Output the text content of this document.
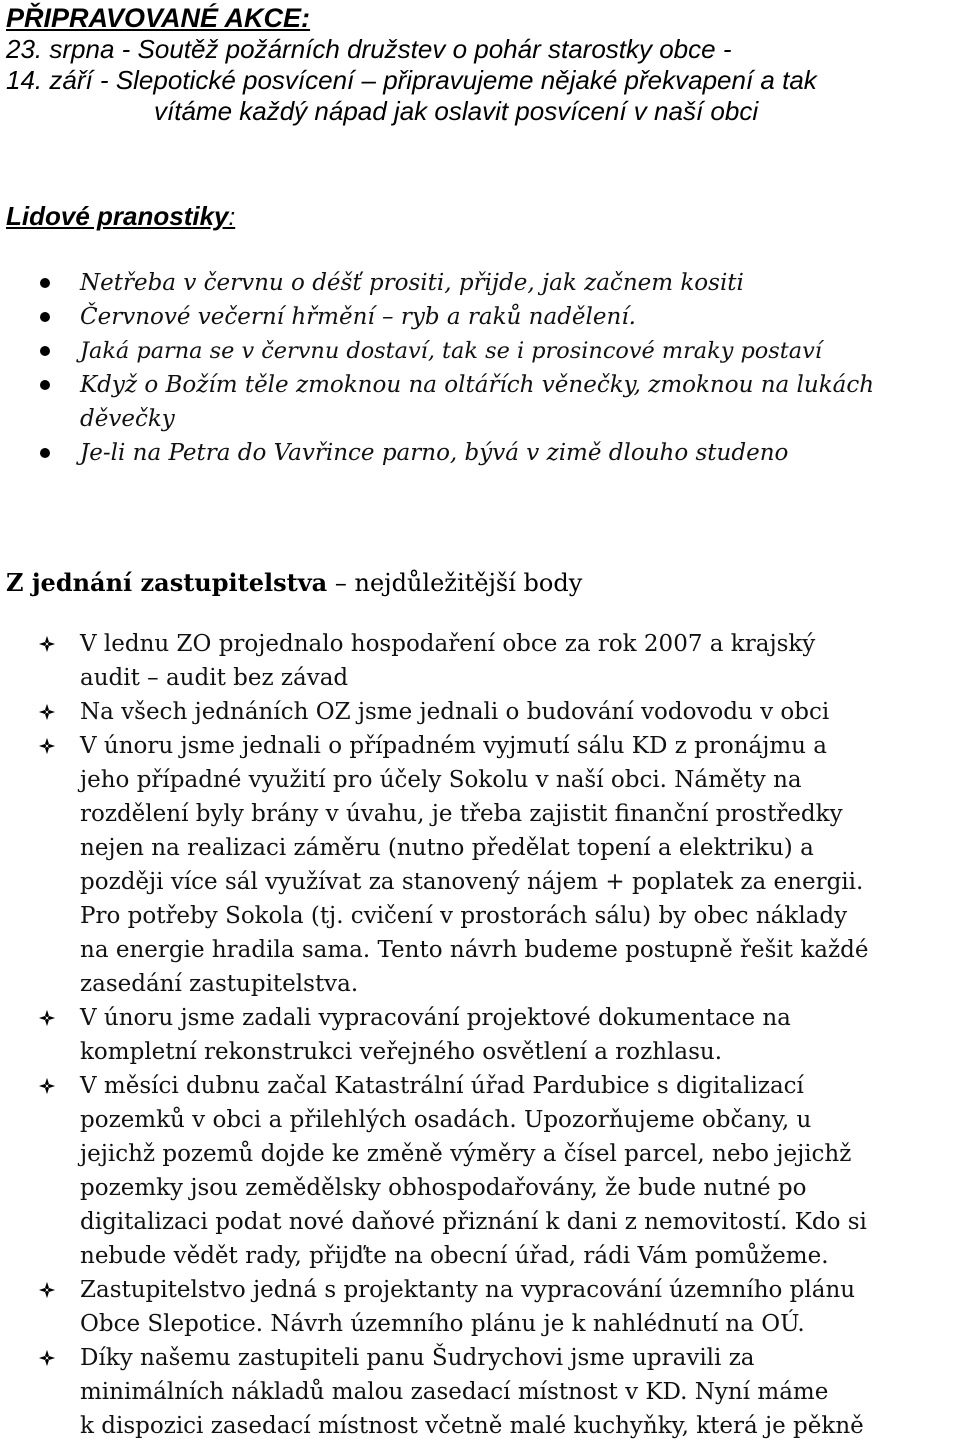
PŘIPRAVOVANÉ AKCE:

23. srpna - Soutěž požárních družstev o pohár starostky obce -

14. září - Slepotické posvícení – připravujeme nějaké překvapení a tak

vítáme každý nápad jak oslavit posvícení v naší obci

Lidové pranostiky:

Netřeba v červnu o déšť prositi, přijde, jak začnem kositi
Červnové večerní hřmění – ryb a raků nadělení.
Jaká parna se v červnu dostaví, tak se i prosincové mraky postaví
Když o Božím těle zmoknou na oltářích věnečky, zmoknou na lukách děvečky
Je-li na Petra do Vavřince parno, bývá v zimě dlouho studeno

Z jednání zastupitelstva – nejdůležitější body

V lednu ZO projednalo hospodaření obce za rok 2007 a krajský
audit – audit bez závad
Na všech jednáních OZ jsme jednali o budování vodovodu v obci
V únoru jsme jednali o případném vyjmutí sálu KD z pronájmu a
jeho případné využití pro účely Sokolu v naší obci. Náměty na
rozdělení byly brány v úvahu, je třeba zajistit finanční prostředky
nejen na realizaci záměru (nutno předělat topení a elektriku) a
později více sál využívat za stanovený nájem + poplatek za energii.
Pro potřeby Sokola (tj. cvičení v prostorách sálu) by obec náklady
na energie hradila sama. Tento návrh budeme postupně řešit každé
zasedání zastupitelstva.
V únoru jsme zadali vypracování projektové dokumentace na
kompletní rekonstrukci veřejného osvětlení a rozhlasu.
V měsíci dubnu začal Katastrální úřad Pardubice s digitalizací
pozemků v obci a přilehlých osadách. Upozorňujeme občany, u
jejichž pozemů dojde ke změně výměry a čísel parcel, nebo jejichž
pozemky jsou zemědělsky obhospodařovány, že bude nutné po
digitalizaci podat nové daňové přiznání k dani z nemovitostí. Kdo si
nebude vědět rady, přijďte na obecní úřad, rádi Vám pomůžeme.
Zastupitelstvo jedná s projektanty na vypracování územního plánu
Obce Slepotice. Návrh územního plánu je k nahlédnutí na OÚ.
Díky našemu zastupiteli panu Šudrychovi jsme upravili za
minimálních nákladů malou zasedací místnost v KD. Nyní máme
k dispozici zasedací místnost včetně malé kuchyňky, která je pěkně
